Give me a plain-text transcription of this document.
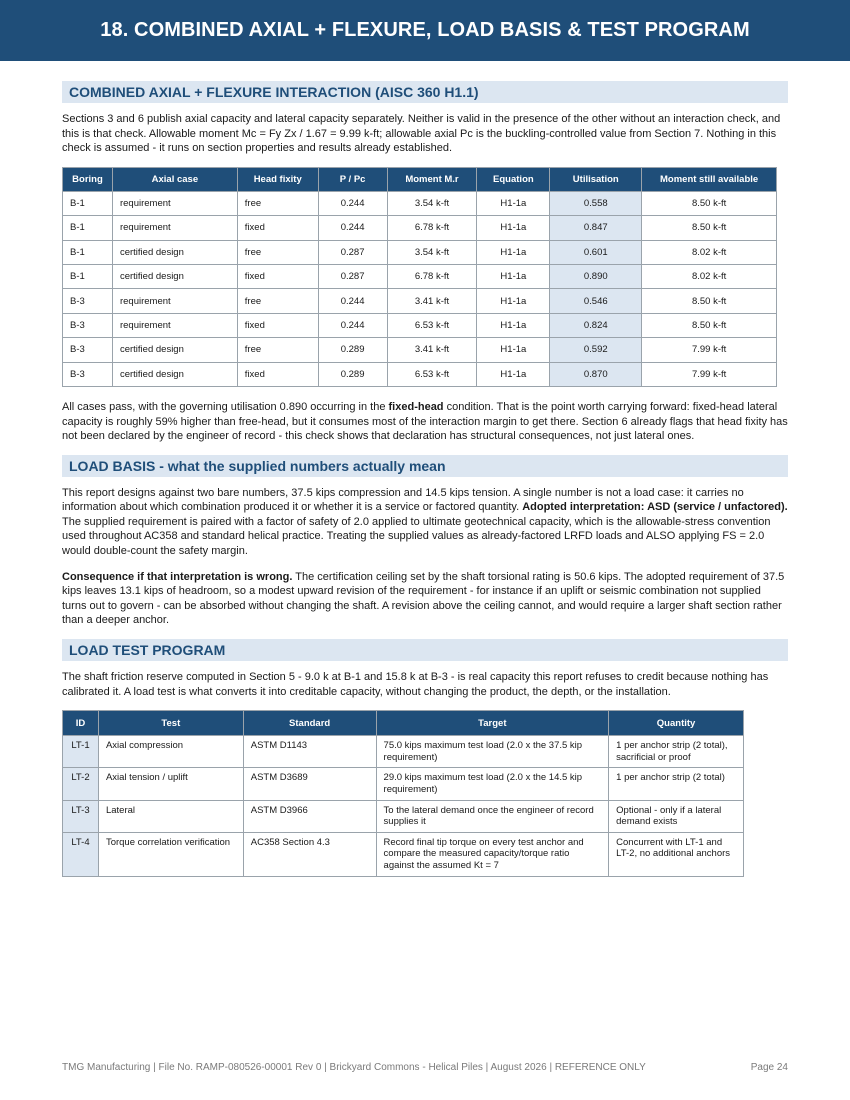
18. COMBINED AXIAL + FLEXURE, LOAD BASIS & TEST PROGRAM
COMBINED AXIAL + FLEXURE INTERACTION (AISC 360 H1.1)

Sections 3 and 6 publish axial capacity and lateral capacity separately. Neither is valid in the presence of the other without an interaction check, and this is that check. Allowable moment Mc = Fy Zx / 1.67 = 9.99 k-ft; allowable axial Pc is the buckling-controlled value from Section 7. Nothing in this check is assumed - it runs on section properties and results already established.

Boring	Axial case	Head fixity	P / Pc	Moment M.r	Equation	Utilisation	Moment still available
B-1	requirement	free	0.244	3.54 k-ft	H1-1a	0.558	8.50 k-ft
B-1	requirement	fixed	0.244	6.78 k-ft	H1-1a	0.847	8.50 k-ft
B-1	certified design	free	0.287	3.54 k-ft	H1-1a	0.601	8.02 k-ft
B-1	certified design	fixed	0.287	6.78 k-ft	H1-1a	0.890	8.02 k-ft
B-3	requirement	free	0.244	3.41 k-ft	H1-1a	0.546	8.50 k-ft
B-3	requirement	fixed	0.244	6.53 k-ft	H1-1a	0.824	8.50 k-ft
B-3	certified design	free	0.289	3.41 k-ft	H1-1a	0.592	7.99 k-ft
B-3	certified design	fixed	0.289	6.53 k-ft	H1-1a	0.870	7.99 k-ft

All cases pass, with the governing utilisation 0.890 occurring in the fixed-head condition. That is the point worth carrying forward: fixed-head lateral capacity is roughly 59% higher than free-head, but it consumes most of the interaction margin to get there. Section 6 already flags that head fixity has not been declared by the engineer of record - this check shows that declaration has structural consequences, not just lateral ones.

LOAD BASIS - what the supplied numbers actually mean

This report designs against two bare numbers, 37.5 kips compression and 14.5 kips tension. A single number is not a load case: it carries no information about which combination produced it or whether it is a service or factored quantity. Adopted interpretation: ASD (service / unfactored). The supplied requirement is paired with a factor of safety of 2.0 applied to ultimate geotechnical capacity, which is the allowable-stress convention used throughout AC358 and standard helical practice. Treating the supplied values as already-factored LRFD loads and ALSO applying FS = 2.0 would double-count the safety margin.

Consequence if that interpretation is wrong. The certification ceiling set by the shaft torsional rating is 50.6 kips. The adopted requirement of 37.5 kips leaves 13.1 kips of headroom, so a modest upward revision of the requirement - for instance if an uplift or seismic combination not supplied turns out to govern - can be absorbed without changing the shaft. A revision above the ceiling cannot, and would require a larger shaft section rather than a deeper anchor.

LOAD TEST PROGRAM

The shaft friction reserve computed in Section 5 - 9.0 k at B-1 and 15.8 k at B-3 - is real capacity this report refuses to credit because nothing has calibrated it. A load test is what converts it into creditable capacity, without changing the product, the depth, or the installation.

ID	Test	Standard	Target	Quantity
LT-1	Axial compression	ASTM D1143	75.0 kips maximum test load (2.0 x the 37.5 kip requirement)	1 per anchor strip (2 total), sacrificial or proof
LT-2	Axial tension / uplift	ASTM D3689	29.0 kips maximum test load (2.0 x the 14.5 kip requirement)	1 per anchor strip (2 total)
LT-3	Lateral	ASTM D3966	To the lateral demand once the engineer of record supplies it	Optional - only if a lateral demand exists
LT-4	Torque correlation verification	AC358 Section 4.3	Record final tip torque on every test anchor and compare the measured capacity/torque ratio against the assumed Kt = 7	Concurrent with LT-1 and LT-2, no additional anchors
TMG Manufacturing | File No. RAMP-080526-00001 Rev 0 | Brickyard Commons - Helical Piles | August 2026 | REFERENCE ONLY	Page 24
